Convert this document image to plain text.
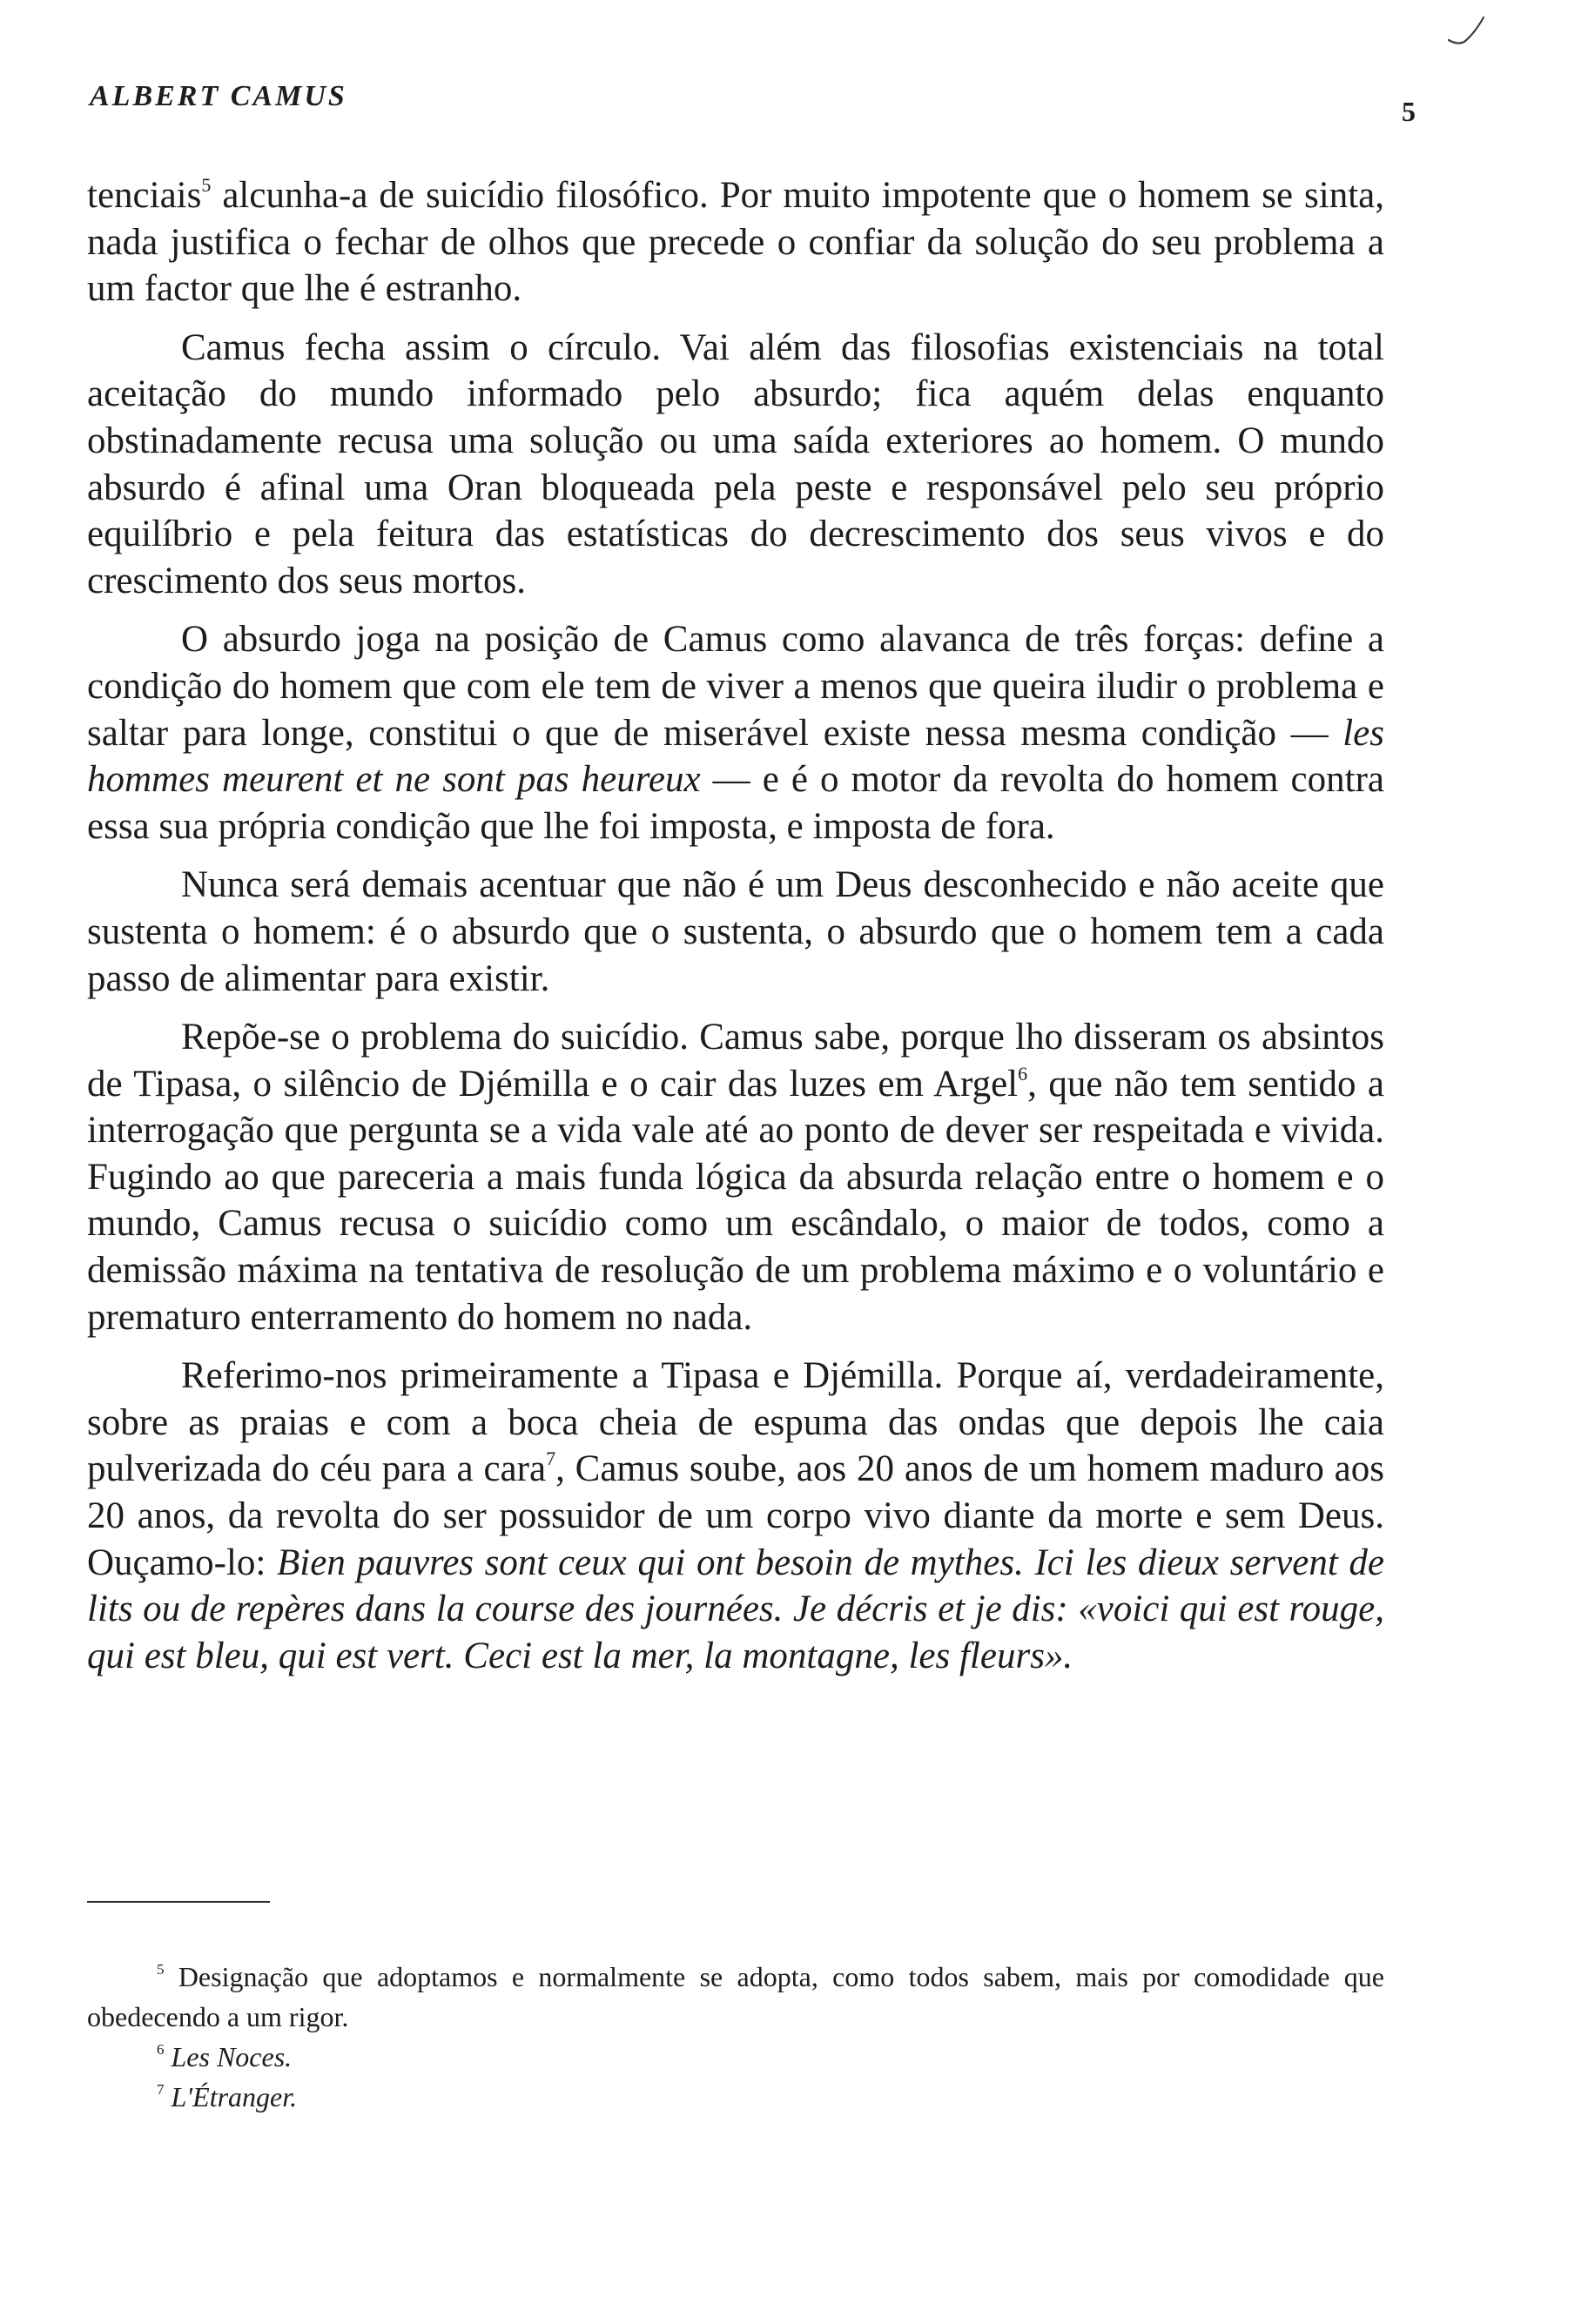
ALBERT CAMUS	5

tenciais$^5$ alcunha-a de suicídio filosófico. Por muito impotente que o homem se sinta, nada justifica o fechar de olhos que precede o confiar da solução do seu problema a um factor que lhe é estranho.

Camus fecha assim o círculo. Vai além das filosofias existenciais na total aceitação do mundo informado pelo absurdo; fica aquém delas enquanto obstinadamente recusa uma solução ou uma saída exteriores ao homem. O mundo absurdo é afinal uma Oran bloqueada pela peste e responsável pelo seu próprio equilíbrio e pela feitura das estatísticas do decrescimento dos seus vivos e do crescimento dos seus mortos.

O absurdo joga na posição de Camus como alavanca de três forças: define a condição do homem que com ele tem de viver a menos que queira iludir o problema e saltar para longe, constitui o que de miserável existe nessa mesma condição — les hommes meurent et ne sont pas heureux — e é o motor da revolta do homem contra essa sua própria condição que lhe foi imposta, e imposta de fora.

Nunca será demais acentuar que não é um Deus desconhecido e não aceite que sustenta o homem: é o absurdo que o sustenta, o absurdo que o homem tem a cada passo de alimentar para existir.

Repõe-se o problema do suicídio. Camus sabe, porque lho disseram os absintos de Tipasa, o silêncio de Djémilla e o cair das luzes em Argel$^6$, que não tem sentido a interrogação que pergunta se a vida vale até ao ponto de dever ser respeitada e vivida. Fugindo ao que pareceria a mais funda lógica da absurda relação entre o homem e o mundo, Camus recusa o suicídio como um escândalo, o maior de todos, como a demissão máxima na tentativa de resolução de um problema máximo e o voluntário e prematuro enterramento do homem no nada.

Referimo-nos primeiramente a Tipasa e Djémilla. Porque aí, verdadeiramente, sobre as praias e com a boca cheia de espuma das ondas que depois lhe caia pulverizada do céu para a cara$^7$, Camus soube, aos 20 anos de um homem maduro aos 20 anos, da revolta do ser possuidor de um corpo vivo diante da morte e sem Deus. Ouçamo-lo: Bien pauvres sont ceux qui ont besoin de mythes. Ici les dieux servent de lits ou de repères dans la course des journées. Je décris et je dis: «voici qui est rouge, qui est bleu, qui est vert. Ceci est la mer, la montagne, les fleurs».

$^5$ Designação que adoptamos e normalmente se adopta, como todos sabem, mais por comodidade que obedecendo a um rigor.

$^6$ Les Noces.

$^7$ L'Étranger.
